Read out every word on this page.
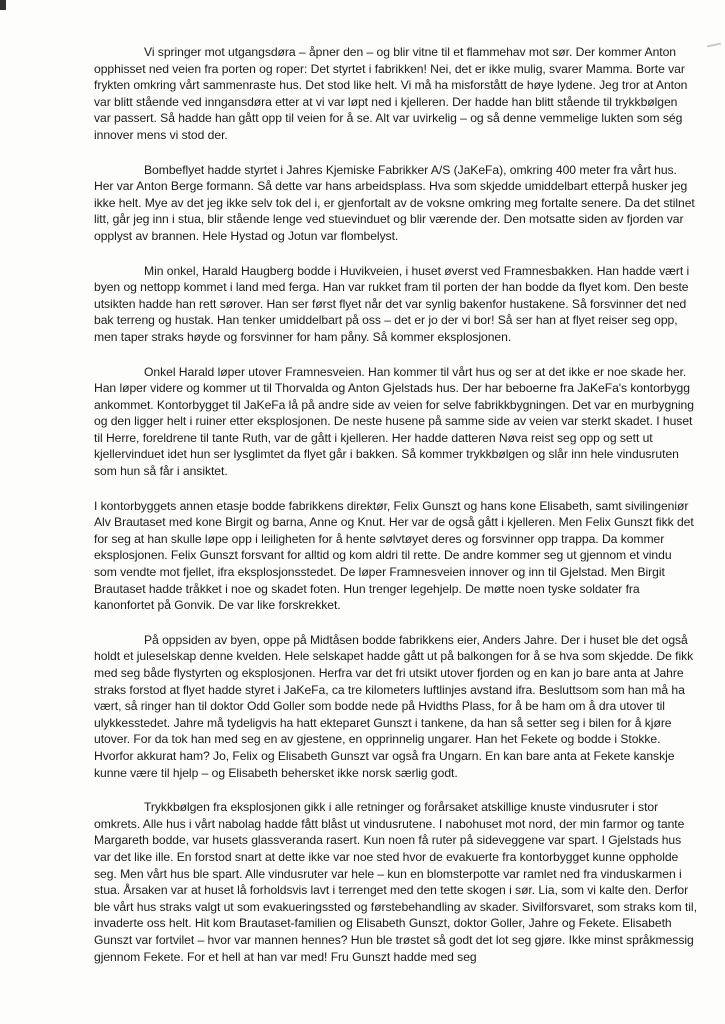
Vi springer mot utgangsdøra – åpner den – og blir vitne til et flammehav mot sør. Der kommer Anton opphisset ned veien fra porten og roper: Det styrtet i fabrikken! Nei, det er ikke mulig, svarer Mamma. Borte var frykten omkring vårt sammenraste hus. Det stod like helt. Vi må ha misforstått de høye lydene. Jeg tror at Anton var blitt stående ved inngansdøra etter at vi var løpt ned i kjelleren. Der hadde han blitt stående til trykkbølgen var passert. Så hadde han gått opp til veien for å se. Alt var uvirkelig – og så denne vemmelige lukten som ség innover mens vi stod der.

Bombeflyet hadde styrtet i Jahres Kjemiske Fabrikker A/S (JaKeFa), omkring 400 meter fra vårt hus. Her var Anton Berge formann. Så dette var hans arbeidsplass. Hva som skjedde umiddelbart etterpå husker jeg ikke helt. Mye av det jeg ikke selv tok del i, er gjenfortalt av de voksne omkring meg fortalte senere. Da det stilnet litt, går jeg inn i stua, blir stående lenge ved stuevinduet og blir værende der. Den motsatte siden av fjorden var opplyst av brannen. Hele Hystad og Jotun var flombelyst.

Min onkel, Harald Haugberg bodde i Huvikveien, i huset øverst ved Framnesbakken. Han hadde vært i byen og nettopp kommet i land med ferga. Han var rukket fram til porten der han bodde da flyet kom. Den beste utsikten hadde han rett sørover. Han ser først flyet når det var synlig bakenfor hustakene. Så forsvinner det ned bak terreng og hustak. Han tenker umiddelbart på oss – det er jo der vi bor! Så ser han at flyet reiser seg opp, men taper straks høyde og forsvinner for ham påny. Så kommer eksplosjonen.

Onkel Harald løper utover Framnesveien. Han kommer til vårt hus og ser at det ikke er noe skade her. Han løper videre og kommer ut til Thorvalda og Anton Gjelstads hus. Der har beboerne fra JaKeFa's kontorbygg ankommet. Kontorbygget til JaKeFa lå på andre side av veien for selve fabrikkbygningen. Det var en murbygning og den ligger helt i ruiner etter eksplosjonen. De neste husene på samme side av veien var sterkt skadet. I huset til Herre, foreldrene til tante Ruth, var de gått i kjelleren. Her hadde datteren Nøva reist seg opp og sett ut kjellervinduet idet hun ser lysglimtet da flyet går i bakken. Så kommer trykkbølgen og slår inn hele vindusruten som hun så får i ansiktet.

I kontorbyggets annen etasje bodde fabrikkens direktør, Felix Gunszt og hans kone Elisabeth, samt sivilingeniør Alv Brautaset med kone Birgit og barna, Anne og Knut. Her var de også gått i kjelleren. Men Felix Gunszt fikk det for seg at han skulle løpe opp i leiligheten for å hente sølvtøyet deres og forsvinner opp trappa. Da kommer eksplosjonen. Felix Gunszt forsvant for alltid og kom aldri til rette. De andre kommer seg ut gjennom et vindu som vendte mot fjellet, ifra eksplosjonsstedet. De løper Framnesveien innover og inn til Gjelstad. Men Birgit Brautaset hadde tråkket i noe og skadet foten. Hun trenger legehjelp. De møtte noen tyske soldater fra kanonfortet på Gonvik. De var like forskrekket.

På oppsiden av byen, oppe på Midtåsen bodde fabrikkens eier, Anders Jahre. Der i huset ble det også holdt et juleselskap denne kvelden. Hele selskapet hadde gått ut på balkongen for å se hva som skjedde. De fikk med seg både flystyrten og eksplosjonen. Herfra var det fri utsikt utover fjorden og en kan jo bare anta at Jahre straks forstod at flyet hadde styret i JaKeFa, ca tre kilometers luftlinjes avstand ifra. Besluttsom som han må ha vært, så ringer han til doktor Odd Goller som bodde nede på Hvidths Plass, for å be ham om å dra utover til ulykkesstedet. Jahre må tydeligvis ha hatt ekteparet Gunszt i tankene, da han så setter seg i bilen for å kjøre utover. For da tok han med seg en av gjestene, en opprinnelig ungarer. Han het Fekete og bodde i Stokke. Hvorfor akkurat ham? Jo, Felix og Elisabeth Gunszt var også fra Ungarn. En kan bare anta at Fekete kanskje kunne være til hjelp – og Elisabeth behersket ikke norsk særlig godt.

Trykkbølgen fra eksplosjonen gikk i alle retninger og forårsaket atskillige knuste vindusruter i stor omkrets. Alle hus i vårt nabolag hadde fått blåst ut vindusrutene. I nabohuset mot nord, der min farmor og tante Margareth bodde, var husets glassveranda rasert. Kun noen få ruter på sideveggene var spart. I Gjelstads hus var det like ille. En forstod snart at dette ikke var noe sted hvor de evakuerte fra kontorbygget kunne oppholde seg. Men vårt hus ble spart. Alle vindusruter var hele – kun en blomsterpotte var ramlet ned fra vinduskarmen i stua. Årsaken var at huset lå forholdsvis lavt i terrenget med den tette skogen i sør. Lia, som vi kalte den. Derfor ble vårt hus straks valgt ut som evakueringssted og førstebehandling av skader. Sivilforsvaret, som straks kom til, invaderte oss helt. Hit kom Brautaset-familien og Elisabeth Gunszt, doktor Goller, Jahre og Fekete. Elisabeth Gunszt var fortvilet – hvor var mannen hennes? Hun ble trøstet så godt det lot seg gjøre. Ikke minst språkmessig gjennom Fekete. For et hell at han var med! Fru Gunszt hadde med seg
